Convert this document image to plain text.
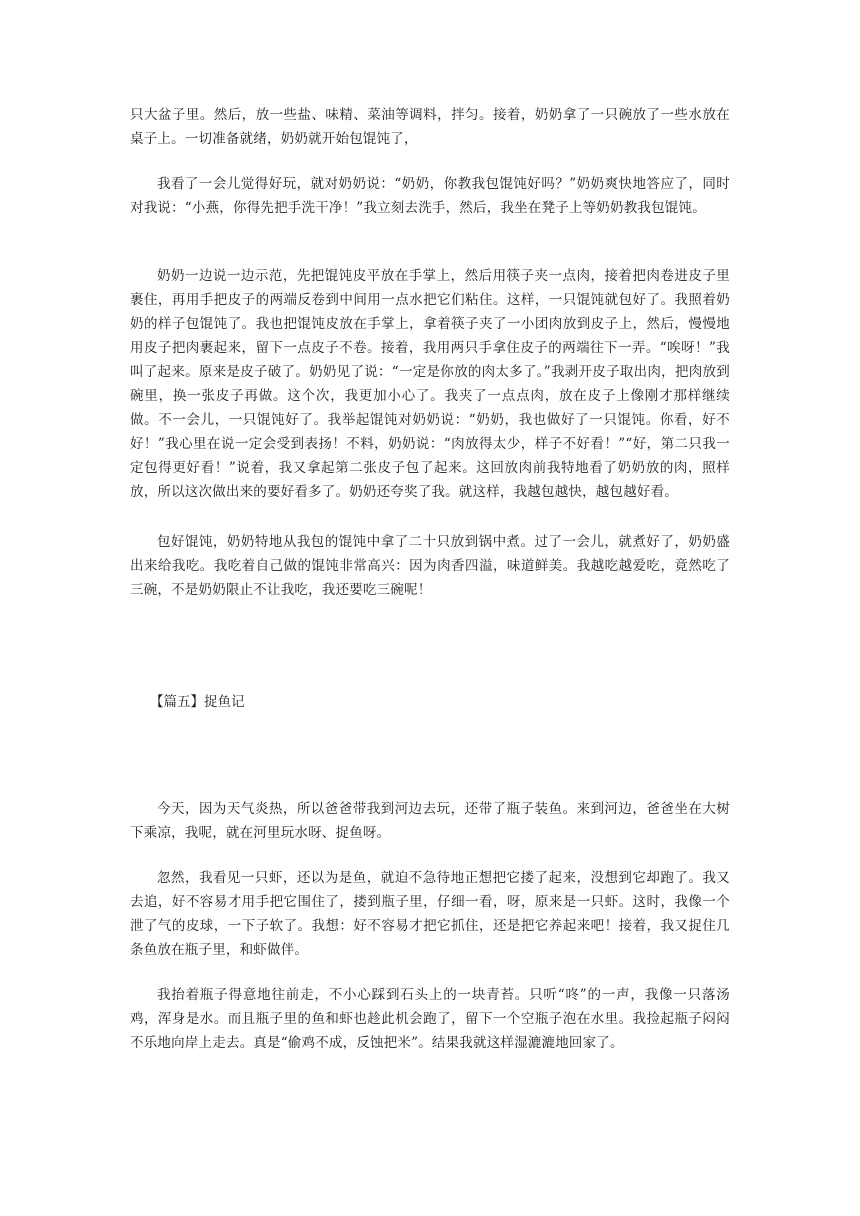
只大盆子里。然后，放一些盐、味精、菜油等调料，拌匀。接着，奶奶拿了一只碗放了一些水放在桌子上。一切准备就绪，奶奶就开始包馄饨了，

我看了一会儿觉得好玩，就对奶奶说：“奶奶，你教我包馄饨好吗？”奶奶爽快地答应了，同时对我说：“小燕，你得先把手洗干净！”我立刻去洗手，然后，我坐在凳子上等奶奶教我包馄饨。

奶奶一边说一边示范，先把馄饨皮平放在手掌上，然后用筷子夹一点肉，接着把肉卷进皮子里裹住，再用手把皮子的两端反卷到中间用一点水把它们粘住。这样，一只馄饨就包好了。我照着奶奶的样子包馄饨了。我也把馄饨皮放在手掌上，拿着筷子夹了一小团肉放到皮子上，然后，慢慢地用皮子把肉裹起来，留下一点皮子不卷。接着，我用两只手拿住皮子的两端往下一弄。“唉呀！”我叫了起来。原来是皮子破了。奶奶见了说：“一定是你放的肉太多了。”我剥开皮子取出肉，把肉放到碗里，换一张皮子再做。这个次，我更加小心了。我夹了一点点肉，放在皮子上像刚才那样继续做。不一会儿，一只馄饨好了。我举起馄饨对奶奶说：“奶奶，我也做好了一只馄饨。你看，好不好！”我心里在说一定会受到表扬！不料，奶奶说：“肉放得太少，样子不好看！”“好，第二只我一定包得更好看！”说着，我又拿起第二张皮子包了起来。这回放肉前我特地看了奶奶放的肉，照样放，所以这次做出来的要好看多了。奶奶还夸奖了我。就这样，我越包越快，越包越好看。

包好馄饨，奶奶特地从我包的馄饨中拿了二十只放到锅中煮。过了一会儿，就煮好了，奶奶盛出来给我吃。我吃着自己做的馄饨非常高兴：因为肉香四溢，味道鲜美。我越吃越爱吃，竟然吃了三碗，不是奶奶限止不让我吃，我还要吃三碗呢！

【篇五】捉鱼记

今天，因为天气炎热，所以爸爸带我到河边去玩，还带了瓶子装鱼。来到河边，爸爸坐在大树下乘凉，我呢，就在河里玩水呀、捉鱼呀。

忽然，我看见一只虾，还以为是鱼，就迫不急待地正想把它搂了起来，没想到它却跑了。我又去追，好不容易才用手把它围住了，搂到瓶子里，仔细一看，呀，原来是一只虾。这时，我像一个泄了气的皮球，一下子软了。我想：好不容易才把它抓住，还是把它养起来吧！接着，我又捉住几条鱼放在瓶子里，和虾做伴。

我抬着瓶子得意地往前走，不小心踩到石头上的一块青苔。只听“咚”的一声，我像一只落汤鸡，浑身是水。而且瓶子里的鱼和虾也趁此机会跑了，留下一个空瓶子泡在水里。我捡起瓶子闷闷不乐地向岸上走去。真是“偷鸡不成，反蚀把米”。结果我就这样湿漉漉地回家了。
